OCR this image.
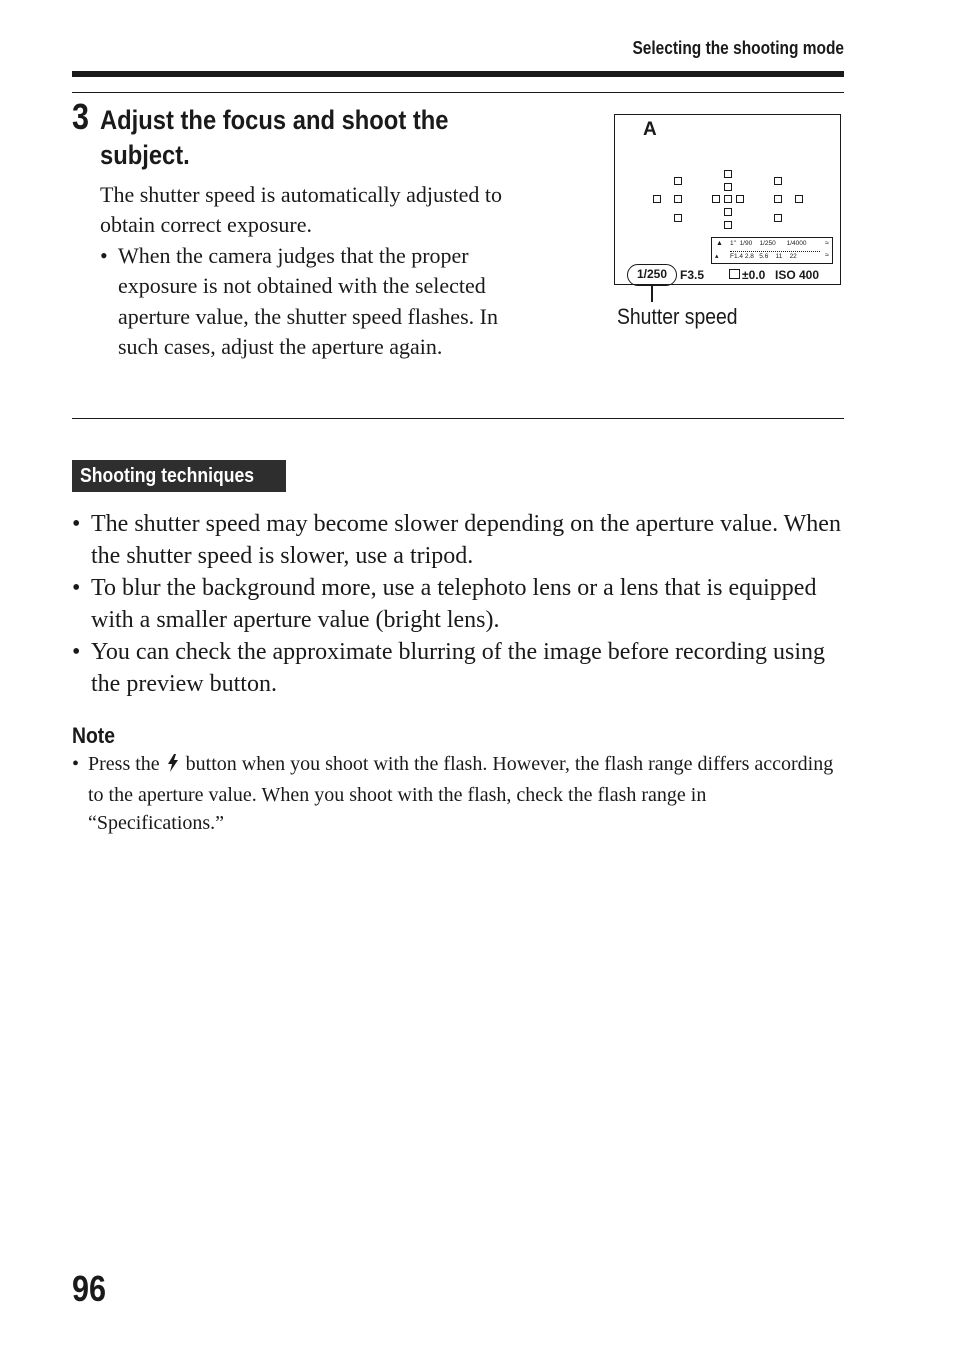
Selecting the shooting mode
3 Adjust the focus and shoot the subject.

The shutter speed is automatically adjusted to obtain correct exposure.

• When the camera judges that the proper exposure is not obtained with the selected aperture value, the shutter speed flashes. In such cases, adjust the aperture again.
A
▲
▴
1" 1/90 1/250 1/4000
F1.4 2.8 5.6 11 22
≈
≈
1/250	F3.5	±0.0 ISO 400
Shutter speed
Shooting techniques
• The shutter speed may become slower depending on the aperture value. When the shutter speed is slower, use a tripod.
• To blur the background more, use a telephoto lens or a lens that is equipped with a smaller aperture value (bright lens).
• You can check the approximate blurring of the image before recording using the preview button.
Note
• Press the button when you shoot with the flash. However, the flash range differs according to the aperture value. When you shoot with the flash, check the flash range in “Specifications.”
96
